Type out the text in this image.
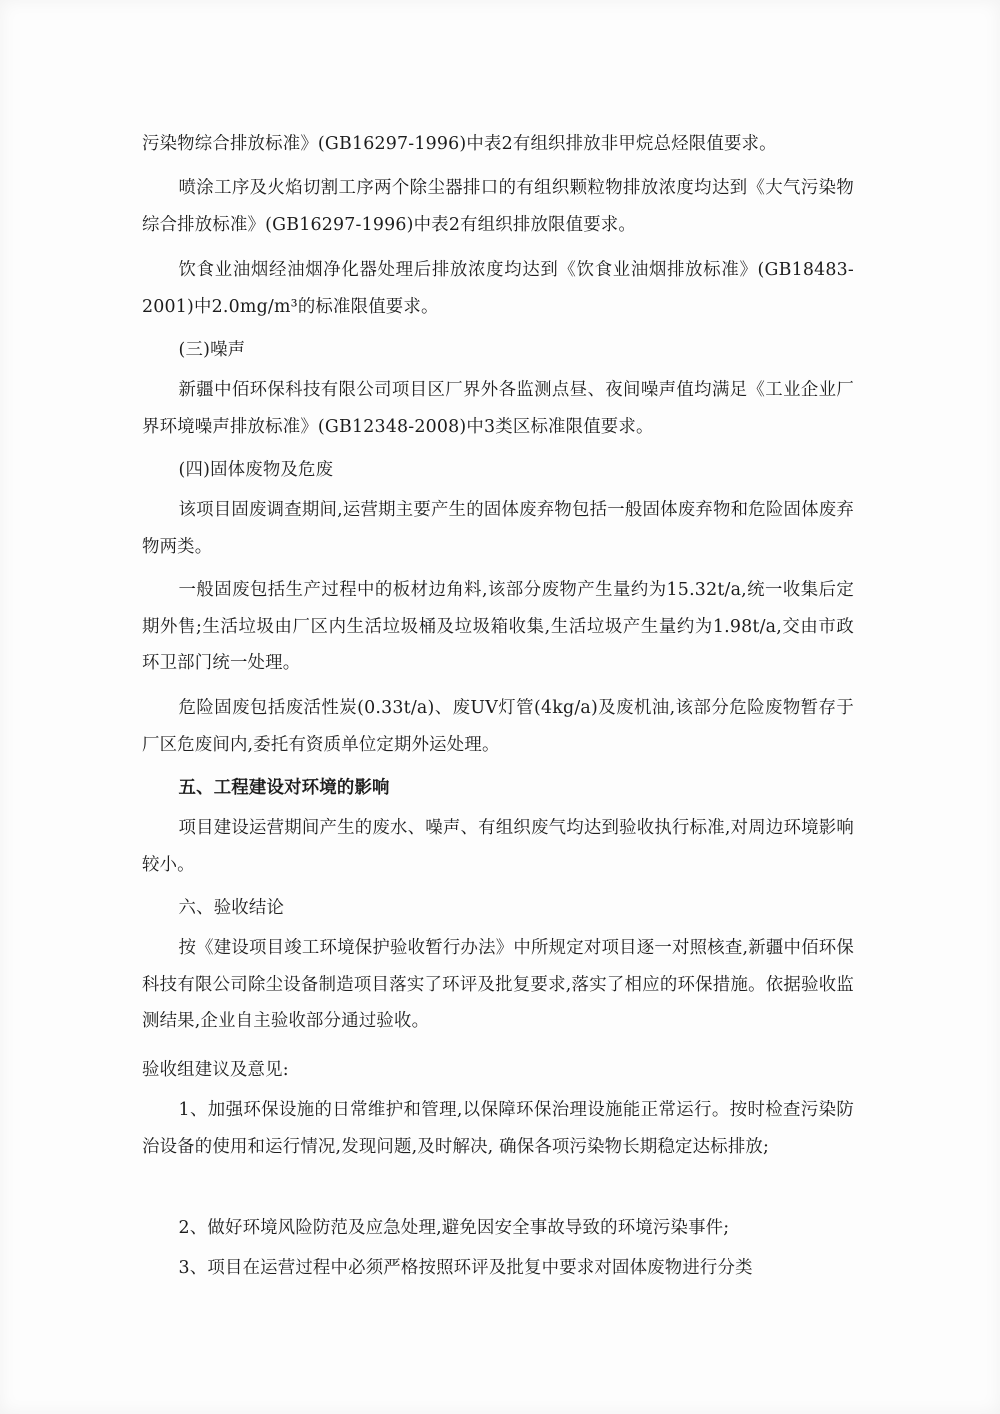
污染物综合排放标准》(GB16297-1996)中表2有组织排放非甲烷总烃限值要求。
喷涂工序及火焰切割工序两个除尘器排口的有组织颗粒物排放浓度均达到《大气污染物综合排放标准》(GB16297-1996)中表2有组织排放限值要求。
饮食业油烟经油烟净化器处理后排放浓度均达到《饮食业油烟排放标准》(GB18483-2001)中2.0mg/m³的标准限值要求。
(三)噪声
新疆中佰环保科技有限公司项目区厂界外各监测点昼、夜间噪声值均满足《工业企业厂界环境噪声排放标准》(GB12348-2008)中3类区标准限值要求。
(四)固体废物及危废
该项目固废调查期间,运营期主要产生的固体废弃物包括一般固体废弃物和危险固体废弃物两类。
一般固废包括生产过程中的板材边角料,该部分废物产生量约为15.32t/a,统一收集后定期外售;生活垃圾由厂区内生活垃圾桶及垃圾箱收集,生活垃圾产生量约为1.98t/a,交由市政环卫部门统一处理。
危险固废包括废活性炭(0.33t/a)、废UV灯管(4kg/a)及废机油,该部分危险废物暂存于厂区危废间内,委托有资质单位定期外运处理。
五、工程建设对环境的影响
项目建设运营期间产生的废水、噪声、有组织废气均达到验收执行标准,对周边环境影响较小。
六、验收结论
按《建设项目竣工环境保护验收暂行办法》中所规定对项目逐一对照核查,新疆中佰环保科技有限公司除尘设备制造项目落实了环评及批复要求,落实了相应的环保措施。依据验收监测结果,企业自主验收部分通过验收。
验收组建议及意见:
1、加强环保设施的日常维护和管理,以保障环保治理设施能正常运行。按时检查污染防治设备的使用和运行情况,发现问题,及时解决, 确保各项污染物长期稳定达标排放;
2、做好环境风险防范及应急处理,避免因安全事故导致的环境污染事件;
3、项目在运营过程中必须严格按照环评及批复中要求对固体废物进行分类
